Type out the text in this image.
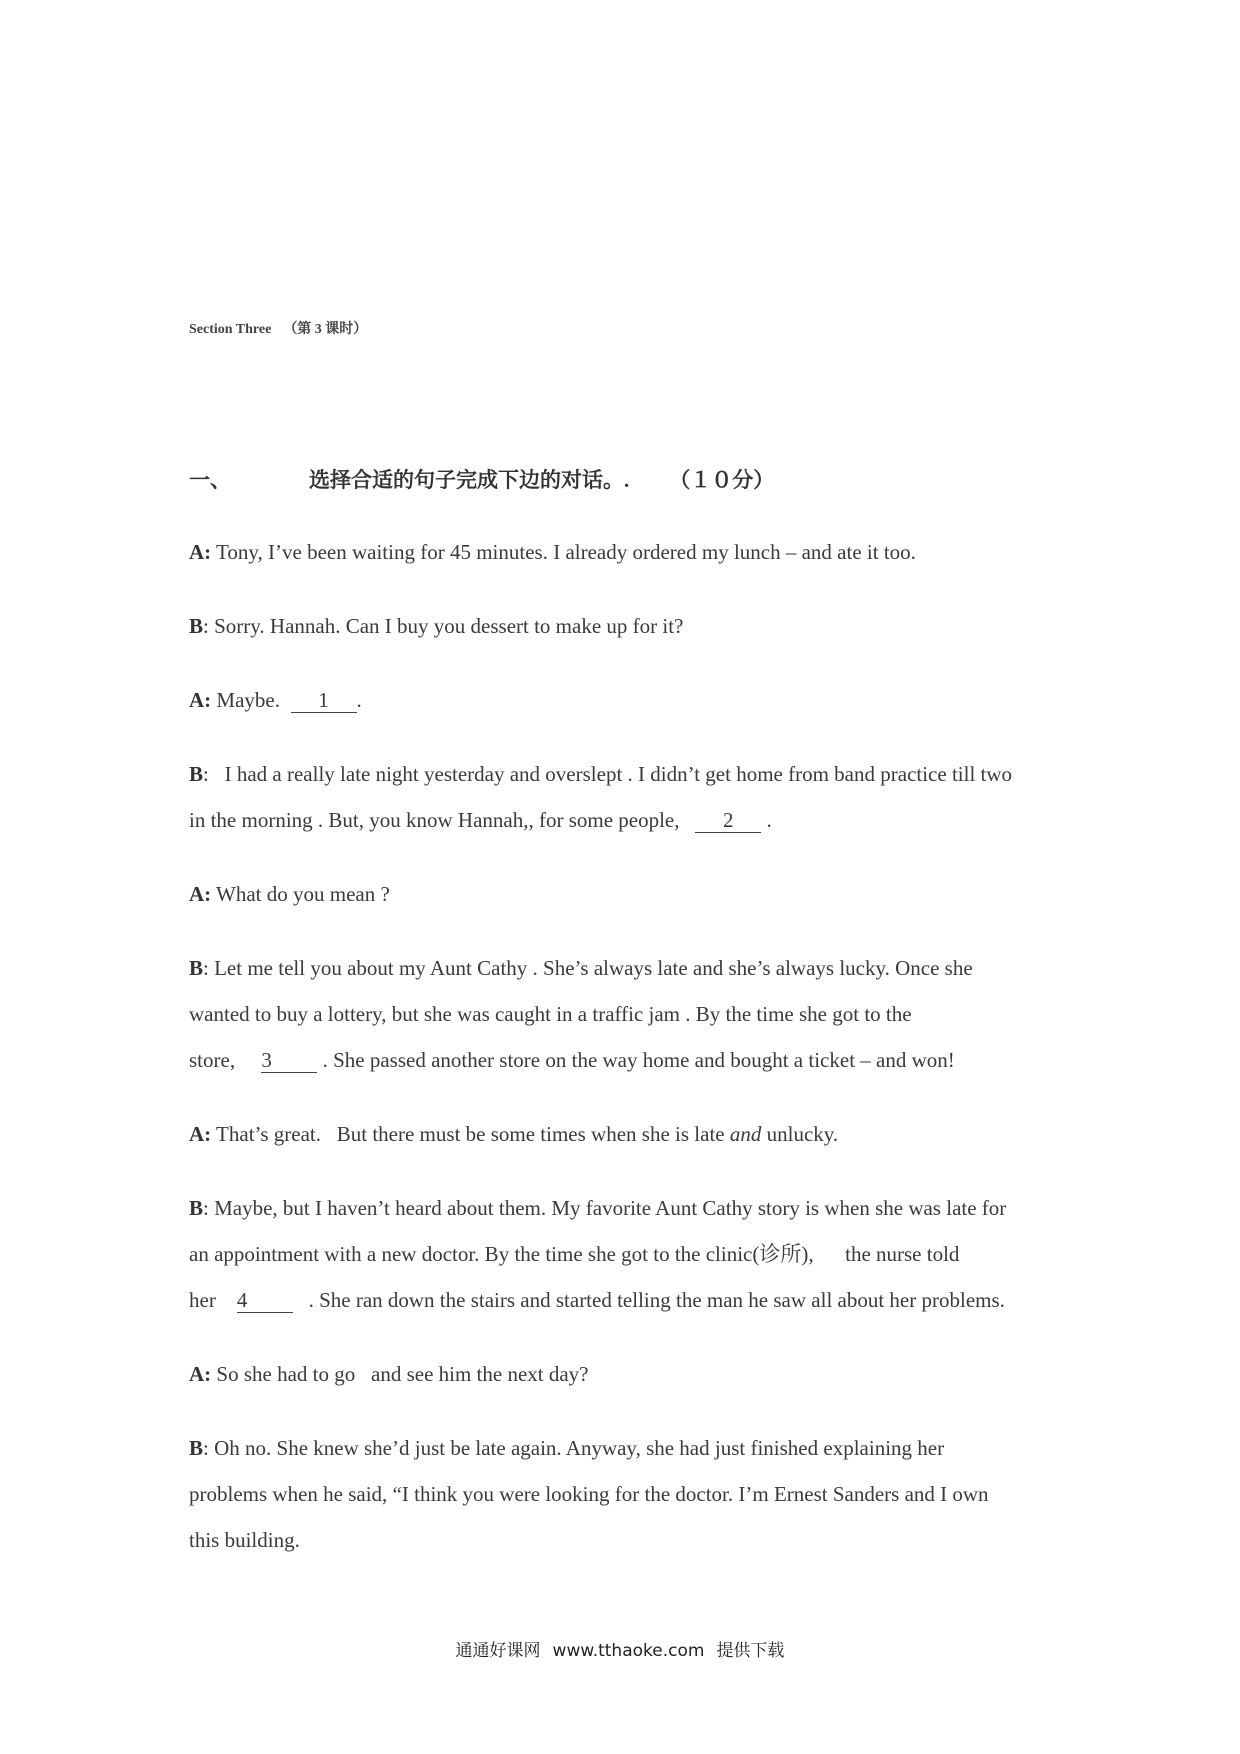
Section Three （第 3 课时）
一、	选择合适的句子完成下边的对话。. （１０分）
A: Tony, I’ve been waiting for 45 minutes. I already ordered my lunch – and ate it too.
B: Sorry. Hannah. Can I buy you dessert to make up for it?
A: Maybe.  1 .
B:   I had a really late night yesterday and overslept . I didn’t get home from band practice till two
in the morning . But, you know Hannah,, for some people,   2 .
A: What do you mean ?
B: Let me tell you about my Aunt Cathy . She’s always late and she’s always lucky. Once she
wanted to buy a lottery, but she was caught in a traffic jam . By the time she got to the
store,     3 . She passed another store on the way home and bought a ticket – and won!
A: That’s great.   But there must be some times when she is late and unlucky.
B: Maybe, but I haven’t heard about them. My favorite Aunt Cathy story is when she was late for
an appointment with a new doctor. By the time she got to the clinic(诊所),      the nurse told
her    4   . She ran down the stairs and started telling the man he saw all about her problems.
A: So she had to go   and see him the next day?
B: Oh no. She knew she’d just be late again. Anyway, she had just finished explaining her
problems when he said, “I think you were looking for the doctor. I’m Ernest Sanders and I own
this building.
通通好课网 www.tthaoke.com 提供下载
